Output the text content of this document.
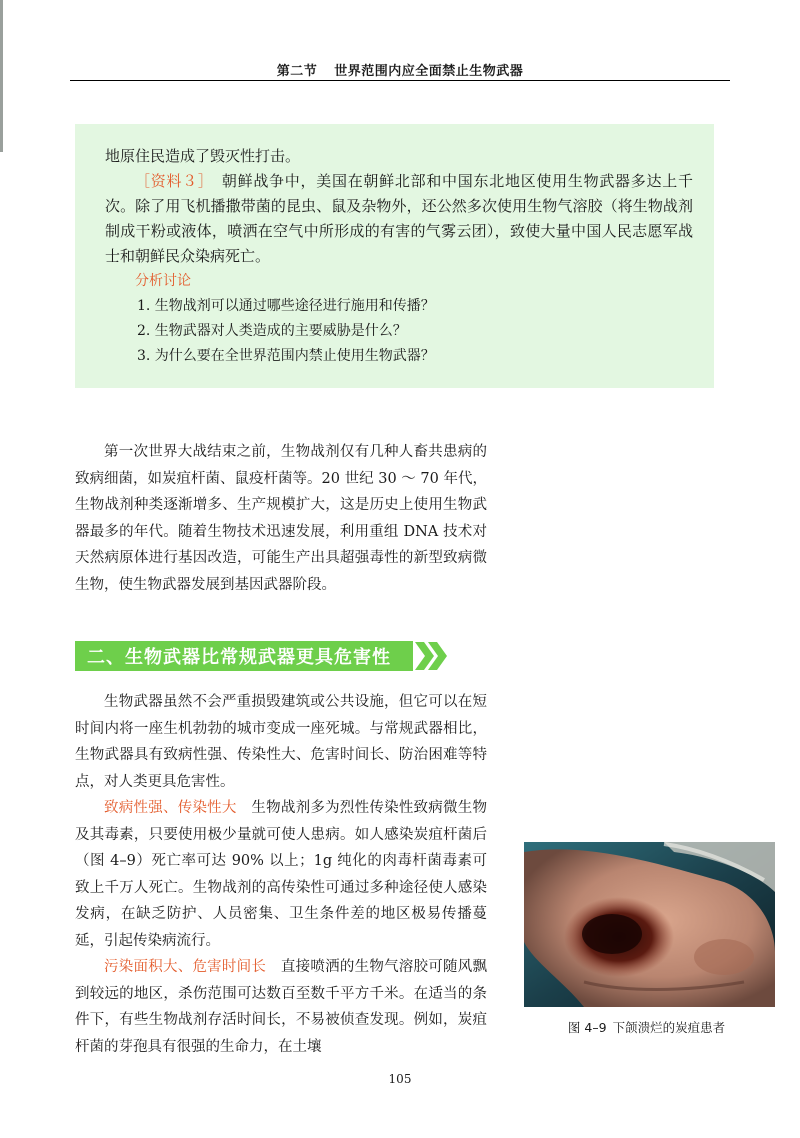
第二节 世界范围内应全面禁止生物武器

地原住民造成了毁灭性打击。

［资料３］　 朝鲜战争中，美国在朝鲜北部和中国东北地区使用生物武器多达上千次。除了用飞机播撒带菌的昆虫、鼠及杂物外，还公然多次使用生物气溶胶（将生物战剂制成干粉或液体，喷洒在空气中所形成的有害的气雾云团），致使大量中国人民志愿军战士和朝鲜民众染病死亡。

分析讨论

1. 生物战剂可以通过哪些途径进行施用和传播？

2. 生物武器对人类造成的主要威胁是什么？

3. 为什么要在全世界范围内禁止使用生物武器？

第一次世界大战结束之前，生物战剂仅有几种人畜共患病的致病细菌，如炭疽杆菌、鼠疫杆菌等。20 世纪 30 ～ 70 年代，生物战剂种类逐渐增多、生产规模扩大，这是历史上使用生物武器最多的年代。随着生物技术迅速发展，利用重组 DNA 技术对天然病原体进行基因改造，可能生产出具超强毒性的新型致病微生物，使生物武器发展到基因武器阶段。

二、生物武器比常规武器更具危害性

生物武器虽然不会严重损毁建筑或公共设施，但它可以在短时间内将一座生机勃勃的城市变成一座死城。与常规武器相比，生物武器具有致病性强、传染性大、危害时间长、防治困难等特点，对人类更具危害性。

致病性强、传染性大　 生物战剂多为烈性传染性致病微生物及其毒素，只要使用极少量就可使人患病。如人感染炭疽杆菌后（图 4–9）死亡率可达 90% 以上；1g 纯化的肉毒杆菌毒素可致上千万人死亡。生物战剂的高传染性可通过多种途径使人感染发病，在缺乏防护、人员密集、卫生条件差的地区极易传播蔓延，引起传染病流行。

污染面积大、危害时间长　 直接喷洒的生物气溶胶可随风飘到较远的地区，杀伤范围可达数百至数千平方千米。在适当的条件下，有些生物战剂存活时间长，不易被侦查发现。例如，炭疽杆菌的芽孢具有很强的生命力，在土壤

图 4–9 下颌溃烂的炭疽患者
105
